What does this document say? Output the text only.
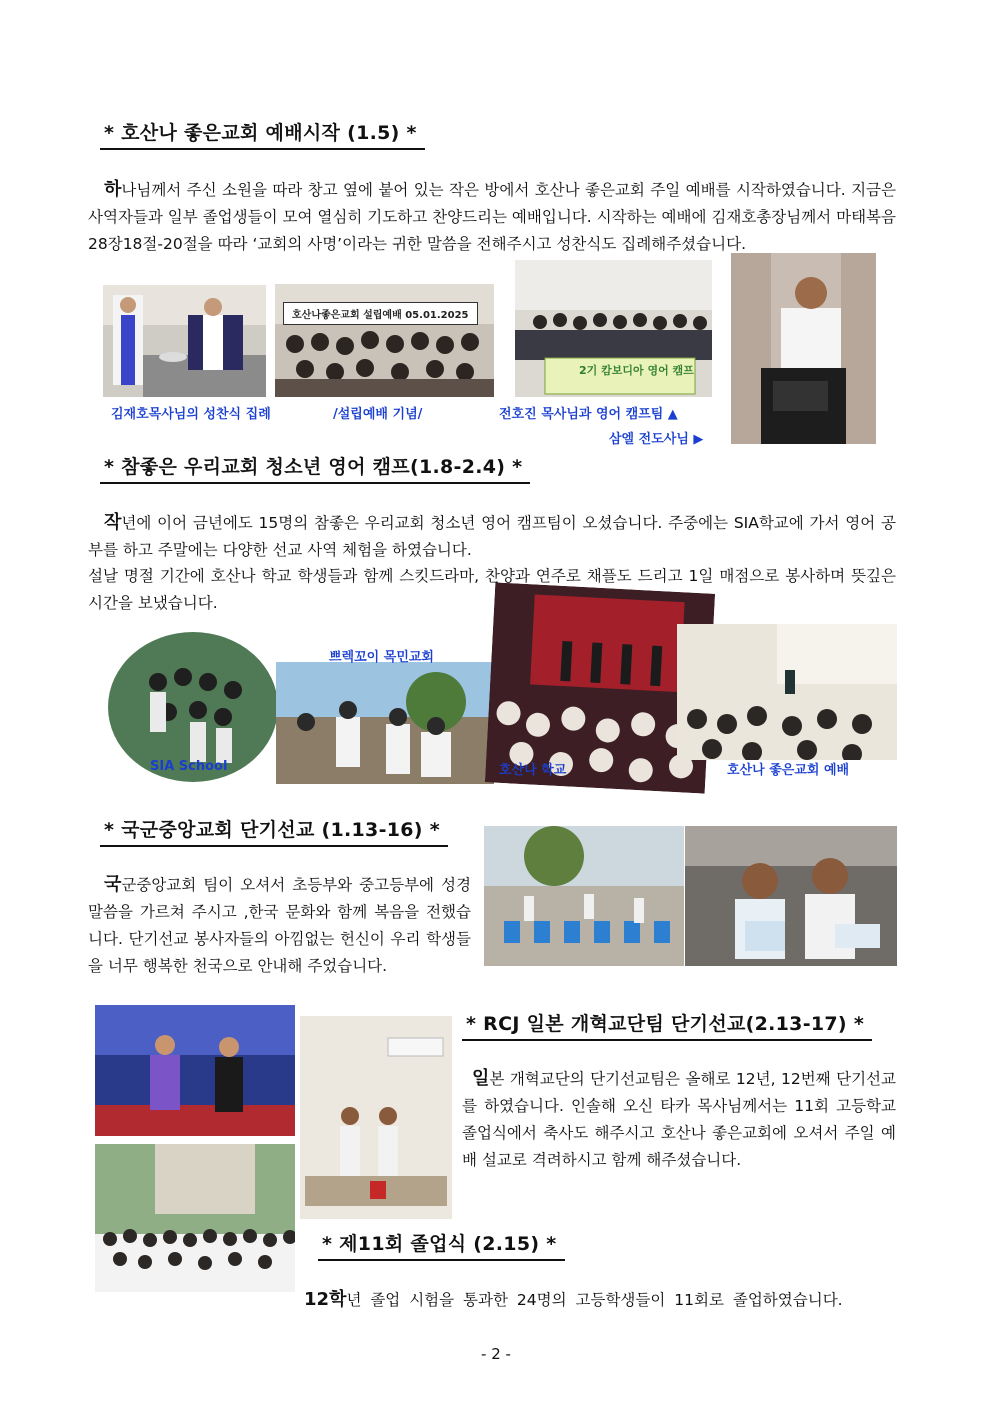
* 호산나 좋은교회 예배시작 (1.5) *
하나님께서 주신 소원을 따라 창고 옆에 붙어 있는 작은 방에서 호산나 좋은교회 주일 예배를 시작하였습니다. 지금은 사역자들과 일부 졸업생들이 모여 열심히 기도하고 찬양드리는 예배입니다. 시작하는 예배에 김재호총장님께서 마태복음 28장18절-20절을 따라 ‘교회의 사명’이라는 귀한 말씀을 전해주시고 성찬식도 집례해주셨습니다.
호산나좋은교회 설립예배 05.01.2025
2기 캄보디아 영어 캠프
김재호목사님의 성찬식 집례	/설립예배 기념/	전호진 목사님과 영어 캠프팀 ▲
삼엘 전도사님 ▶
* 참좋은 우리교회 청소년 영어 캠프(1.8-2.4) *
작년에 이어 금년에도 15명의 참좋은 우리교회 청소년 영어 캠프팀이 오셨습니다. 주중에는 SIA학교에 가서 영어 공부를 하고 주말에는 다양한 선교 사역 체험을 하였습니다.
설날 명절 기간에 호산나 학교 학생들과 함께 스킷드라마, 찬양과 연주로 채플도 드리고 1일 매점으로 봉사하며 뜻깊은 시간을 보냈습니다.
쁘렉꼬이 목민교회
SIA School	호산나 학교	호산나 좋은교회 예배
* 국군중앙교회 단기선교 (1.13-16) *
국군중앙교회 팀이 오셔서 초등부와 중고등부에 성경 말씀을 가르쳐 주시고 ,한국 문화와 함께 복음을 전했습니다. 단기선교 봉사자들의 아낌없는 헌신이 우리 학생들을 너무 행복한 천국으로 안내해 주었습니다.
* RCJ 일본 개혁교단팀 단기선교(2.13-17) *
일본 개혁교단의 단기선교팀은 올해로 12년, 12번째 단기선교를 하였습니다. 인솔해 오신 타카 목사님께서는 11회 고등학교 졸업식에서 축사도 해주시고 호산나 좋은교회에 오셔서 주일 예배 설교로 격려하시고 함께 해주셨습니다.
* 제11회 졸업식 (2.15) *
12학년 졸업 시험을 통과한 24명의 고등학생들이 11회로 졸업하였습니다.
- 2 -
